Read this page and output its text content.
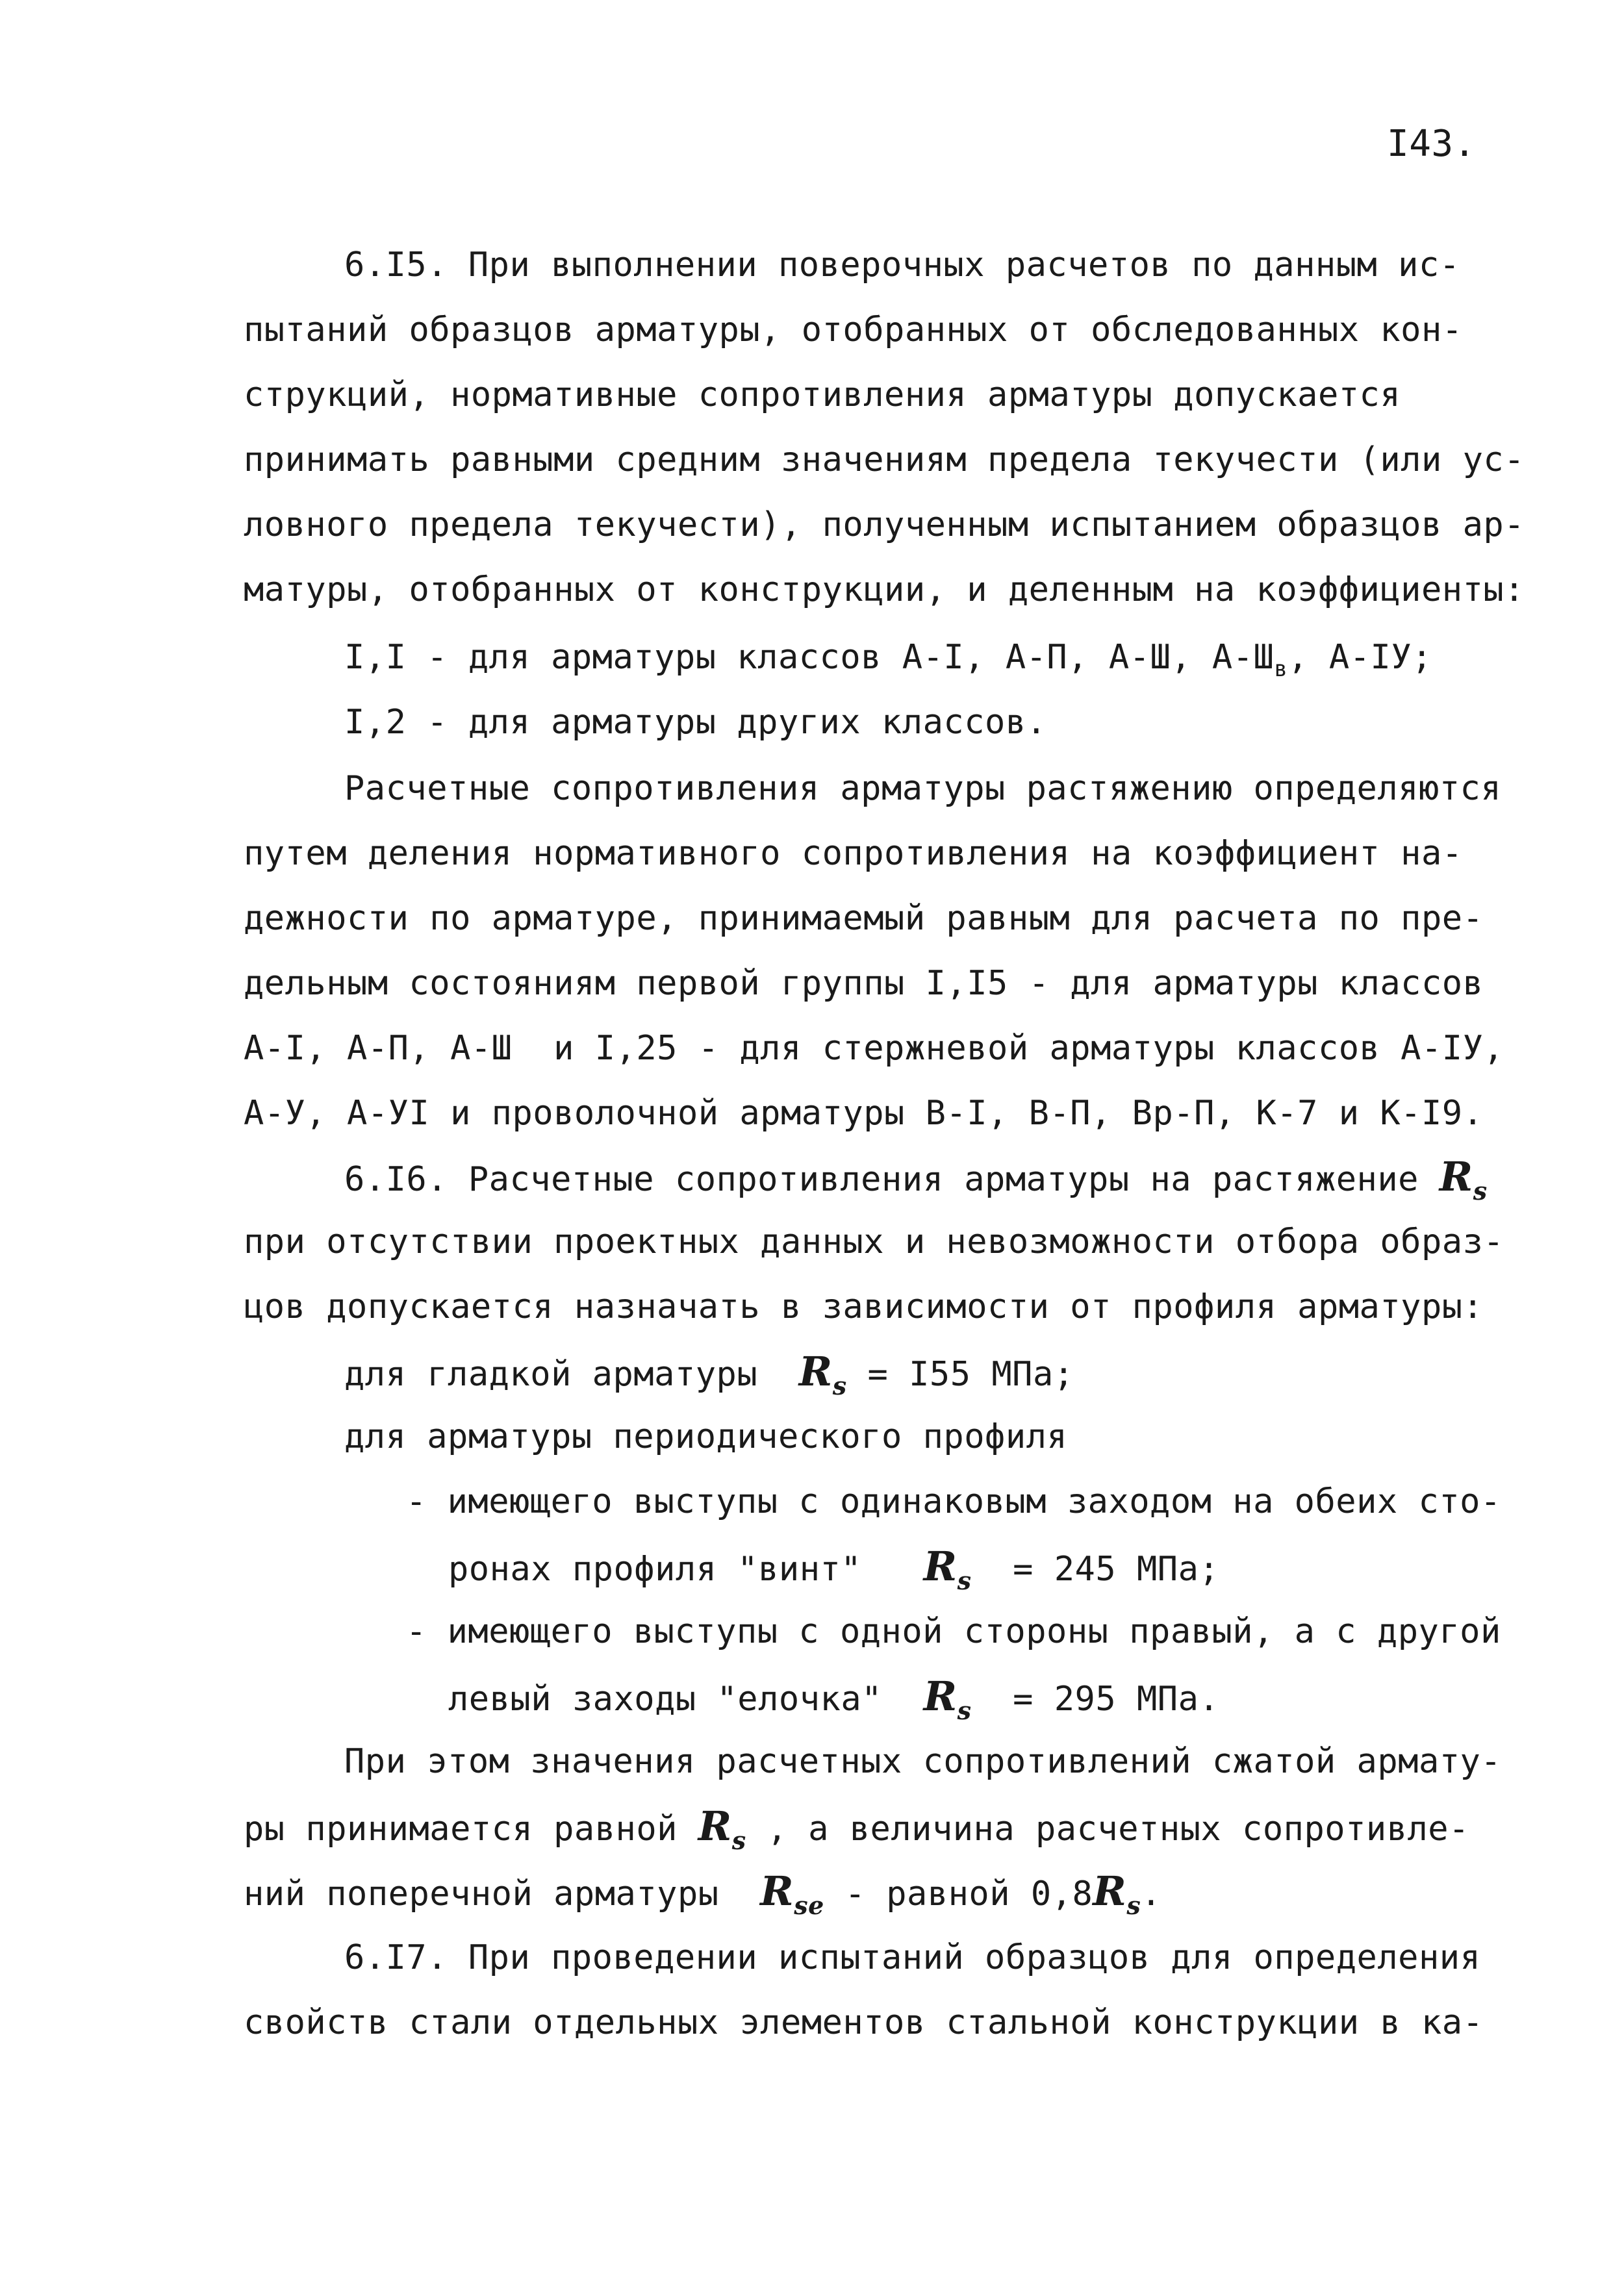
I43.
6.I5. При выполнении поверочных расчетов по данным ис-
пытаний образцов арматуры, отобранных от обследованных кон-
струкций, нормативные сопротивления арматуры допускается
принимать равными средним значениям предела текучести (или ус-
ловного предела текучести), полученным испытанием образцов ар-
матуры, отобранных от конструкции, и деленным на коэффициенты:
I,I - для арматуры классов А-I, А-П, А-Ш, $А-Ш_в$, А-IУ;
I,2 - для арматуры других классов.
Расчетные сопротивления арматуры растяжению определяются
путем деления нормативного сопротивления на коэффициент на-
дежности по арматуре, принимаемый равным для расчета по пре-
дельным состояниям первой группы I,I5 - для арматуры классов
А-I, А-П, А-Ш  и I,25 - для стержневой арматуры классов А-IУ,
А-У, А-УI и проволочной арматуры В-I, В-П, Вр-П, К-7 и К-I9.
6.I6. Расчетные сопротивления арматуры на растяжение $R_s$
при отсутствии проектных данных и невозможности отбора образ-
цов допускается назначать в зависимости от профиля арматуры:
для гладкой арматуры  $R_s = I55$ МПа;
для арматуры периодического профиля
- имеющего выступы с одинаковым заходом на обеих сто-
ронах профиля "винт"   $R_s = 245$ МПа;
- имеющего выступы с одной стороны правый, а с другой
левый заходы "елочка"  $R_s = 295$ МПа.
При этом значения расчетных сопротивлений сжатой армату-
ры принимается равной $R_s$ , а величина расчетных сопротивле-
ний поперечной арматуры  $R_{se}$ - равной $0,8R_s$.
6.I7. При проведении испытаний образцов для определения
свойств стали отдельных элементов стальной конструкции в ка-
